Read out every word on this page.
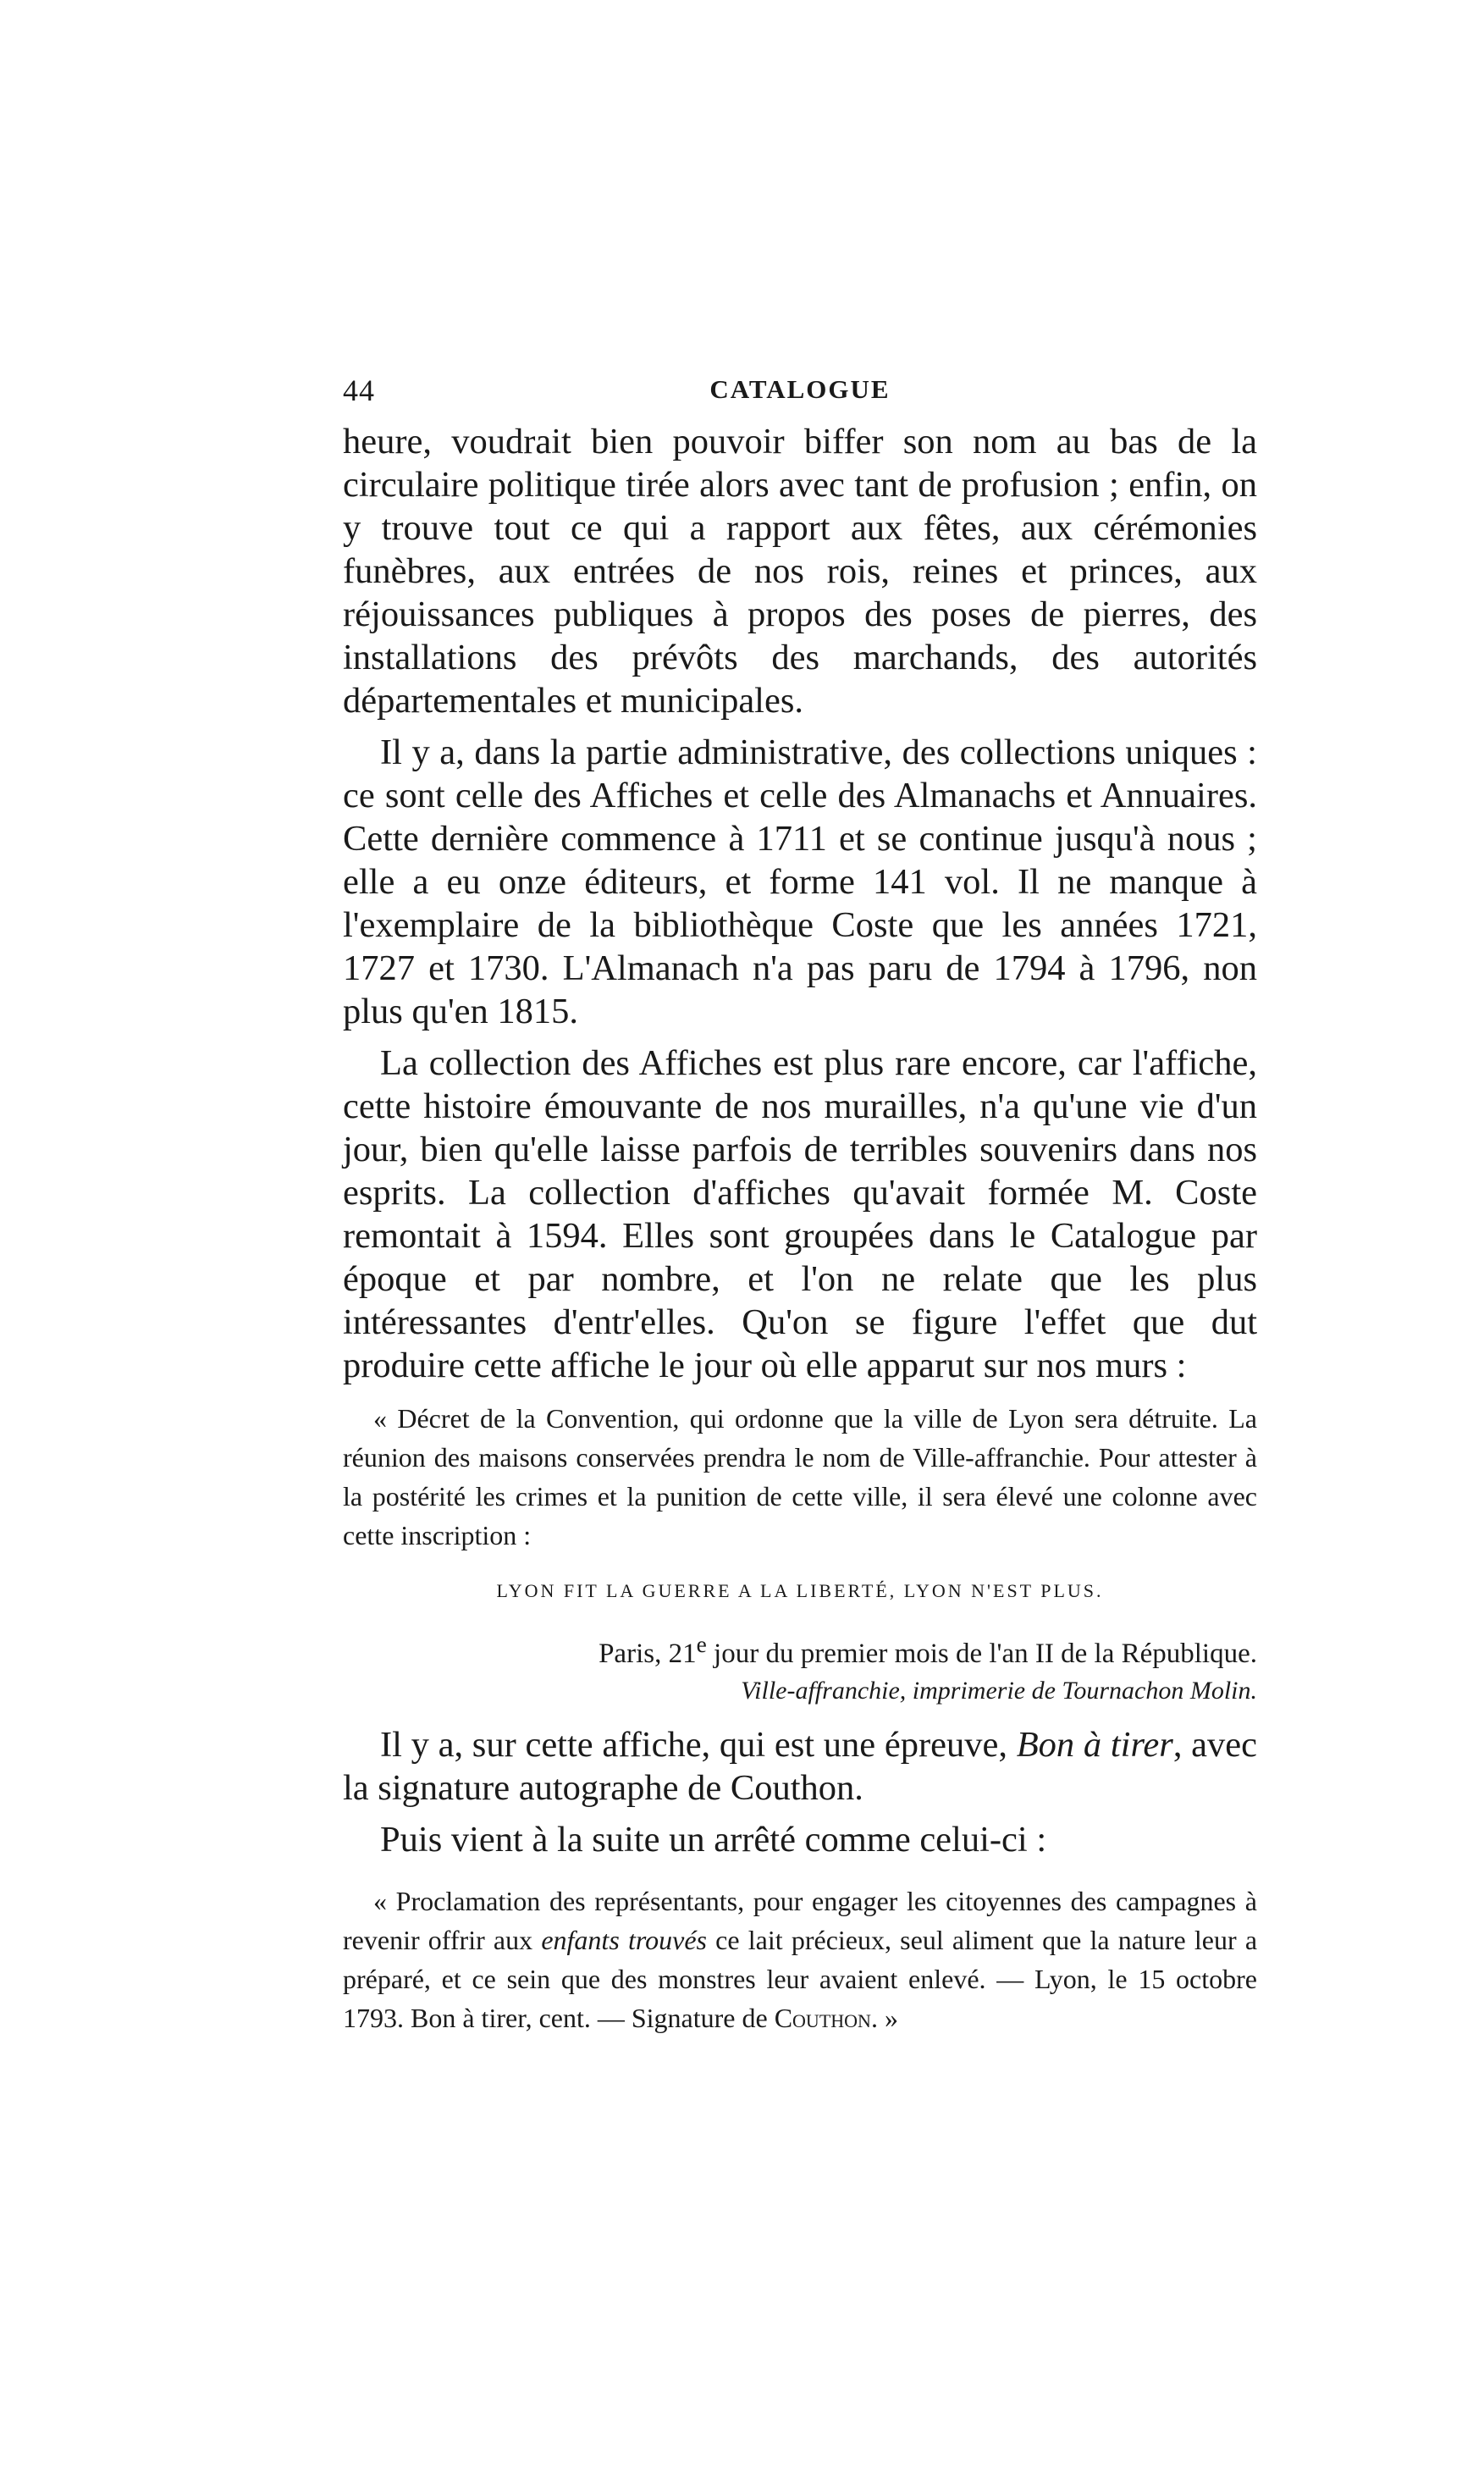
44	CATALOGUE

heure, voudrait bien pouvoir biffer son nom au bas de la circulaire politique tirée alors avec tant de profusion ; enfin, on y trouve tout ce qui a rapport aux fêtes, aux cérémonies funèbres, aux entrées de nos rois, reines et princes, aux réjouissances publiques à propos des poses de pierres, des installations des prévôts des marchands, des autorités départementales et municipales.

Il y a, dans la partie administrative, des collections uniques : ce sont celle des Affiches et celle des Almanachs et Annuaires. Cette dernière commence à 1711 et se continue jusqu'à nous ; elle a eu onze éditeurs, et forme 141 vol. Il ne manque à l'exemplaire de la bibliothèque Coste que les années 1721, 1727 et 1730. L'Almanach n'a pas paru de 1794 à 1796, non plus qu'en 1815.

La collection des Affiches est plus rare encore, car l'affiche, cette histoire émouvante de nos murailles, n'a qu'une vie d'un jour, bien qu'elle laisse parfois de terribles souvenirs dans nos esprits. La collection d'affiches qu'avait formée M. Coste remontait à 1594. Elles sont groupées dans le Catalogue par époque et par nombre, et l'on ne relate que les plus intéressantes d'entr'elles. Qu'on se figure l'effet que dut produire cette affiche le jour où elle apparut sur nos murs :

« Décret de la Convention, qui ordonne que la ville de Lyon sera détruite. La réunion des maisons conservées prendra le nom de Ville-affranchie. Pour attester à la postérité les crimes et la punition de cette ville, il sera élevé une colonne avec cette inscription :

LYON FIT LA GUERRE A LA LIBERTÉ, LYON N'EST PLUS.
Paris, 21e jour du premier mois de l'an II de la République.
Ville-affranchie, imprimerie de Tournachon Molin.

Il y a, sur cette affiche, qui est une épreuve, Bon à tirer, avec la signature autographe de Couthon.

Puis vient à la suite un arrêté comme celui-ci :

« Proclamation des représentants, pour engager les citoyennes des campagnes à revenir offrir aux enfants trouvés ce lait précieux, seul aliment que la nature leur a préparé, et ce sein que des monstres leur avaient enlevé. — Lyon, le 15 octobre 1793. Bon à tirer, cent. — Signature de Couthon. »
